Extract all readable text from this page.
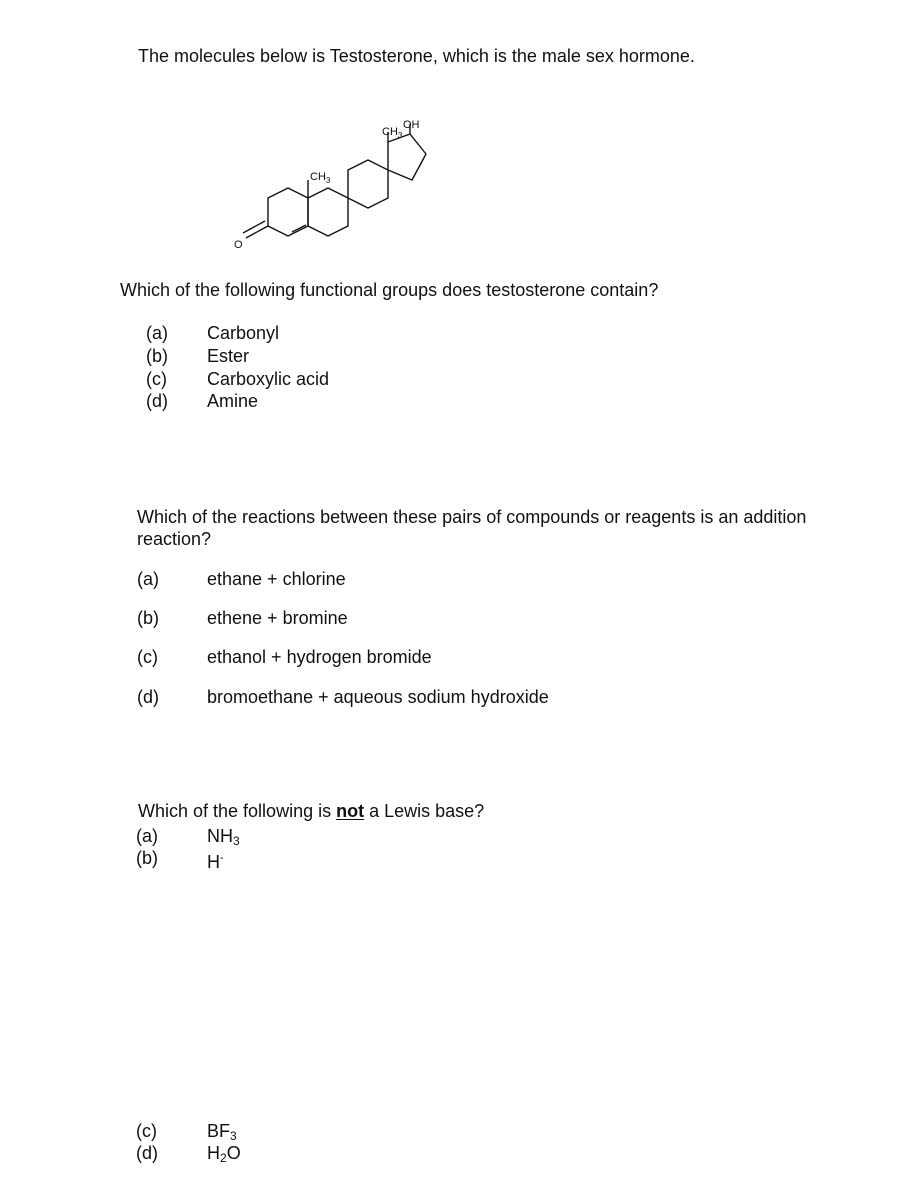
The molecules below is Testosterone, which is the male sex hormone.
O
$CH_3$
$CH_3$
OH
Which of the following functional groups does testosterone contain?
(a) Carbonyl
(b) Ester
(c) Carboxylic acid
(d) Amine
Which of the reactions between these pairs of compounds or reagents is an addition
reaction?
(a)	ethane + chlorine
(b)	ethene + bromine
(c)	ethanol + hydrogen bromide
(d)	bromoethane + aqueous sodium hydroxide
Which of the following is not a Lewis base?
(a)	$NH_3$
(b)	H-
(c)	$BF_3$
(d)	$H_2O$
